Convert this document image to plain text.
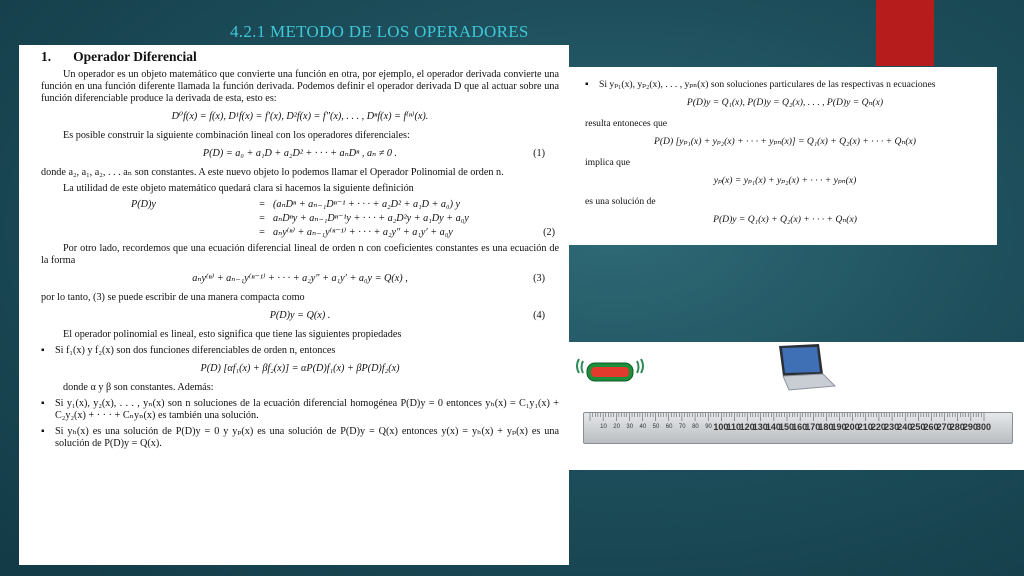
4.2.1 METODO DE LOS OPERADORES
1. Operador Diferencial

Un operador es un objeto matemático que convierte una función en otra, por ejemplo, el operador derivada convierte una función en una función diferente llamada la función derivada. Podemos definir el operador derivada D que al actuar sobre una función diferenciable produce la derivada de esta, esto es:

D⁰f(x) = f(x), D¹f(x) = f′(x), D²f(x) = f″(x), . . . , Dⁿf(x) = f⁽ⁿ⁾(x).

Es posible construir la siguiente combinación lineal con los operadores diferenciales:

P(D) = a₀ + a₁D + a₂D² + · · · + aₙDⁿ , aₙ ≠ 0 .	(1)

donde a₂, a₁, a₂, . . . aₙ son constantes. A este nuevo objeto lo podemos llamar el Operador Polinomial de orden n.

La utilidad de este objeto matemático quedará clara si hacemos la siguiente definición

P(D)y	= (aₙDⁿ + aₙ₋₁Dⁿ⁻¹ + · · · + a₂D² + a₁D + a₀) y
= aₙDⁿy + aₙ₋₁Dⁿ⁻¹y + · · · + a₂D²y + a₁Dy + a₀y
= aₙy⁽ⁿ⁾ + aₙ₋₁y⁽ⁿ⁻¹⁾ + · · · + a₂y″ + a₁y′ + a₀y	(2)

Por otro lado, recordemos que una ecuación diferencial lineal de orden n con coeficientes constantes es una ecuación de la forma

aₙy⁽ⁿ⁾ + aₙ₋₁y⁽ⁿ⁻¹⁾ + · · · + a₂y″ + a₁y′ + a₀y = Q(x) ,	(3)

por lo tanto, (3) se puede escribir de una manera compacta como

P(D)y = Q(x) .	(4)

El operador polinomial es lineal, esto significa que tiene las siguientes propiedades

▪ Si f₁(x) y f₂(x) son dos funciones diferenciables de orden n, entonces
P(D) [αf₁(x) + βf₂(x)] = αP(D)f₁(x) + βP(D)f₂(x)

donde α y β son constantes. Además:

▪ Si y₁(x), y₂(x), . . . , yₙ(x) son n soluciones de la ecuación diferencial homogénea P(D)y = 0 entonces yₕ(x) = C₁y₁(x) + C₂y₂(x) + · · · + Cₙyₙ(x) es también una solución.
▪ Si yₕ(x) es una solución de P(D)y = 0 y yₚ(x) es una solución de P(D)y = Q(x) entonces y(x) = yₕ(x) + yₚ(x) es una solución de P(D)y = Q(x).
▪ Si yₚ₁(x), yₚ₂(x), . . . , yₚₙ(x) son soluciones particulares de las respectivas n ecuaciones
P(D)y = Q₁(x), P(D)y = Q₂(x), . . . , P(D)y = Qₙ(x)

resulta entoneces que

P(D) [yₚ₁(x) + yₚ₂(x) + · · · + yₚₙ(x)] = Q₁(x) + Q₂(x) + · · · + Qₙ(x)

implica que

yₚ(x) = yₚ₁(x) + yₚ₂(x) + · · · + yₚₙ(x)

es una solución de

P(D)y = Q₁(x) + Q₂(x) + · · · + Qₙ(x)
10 20 30 40 50 60 70 80 90 100
110
120
130
140
150
160
170
180
190
200
210
220
230
240
250
260
270
280
290
300
